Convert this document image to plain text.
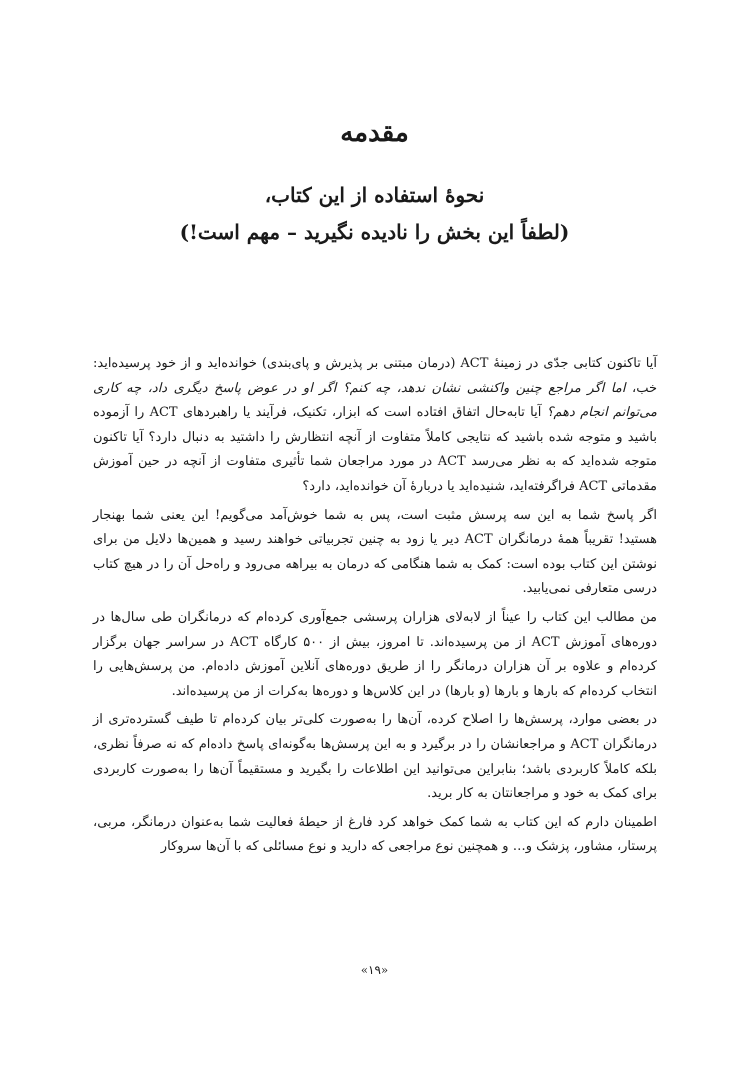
مقدمه
نحوهٔ استفاده از این کتاب،
(لطفاً این بخش را نادیده نگیرید – مهم است!)

آیا تاکنون کتابی جدّی در زمینهٔ ACT (درمان مبتنی بر پذیرش و پای‌بندی) خوانده‌اید و از خود پرسیده‌اید: خب، اما اگر مراجع چنین واکنشی نشان ندهد، چه کنم؟ اگر او در عوض پاسخ دیگری داد، چه کاری می‌توانم انجام دهم؟ آیا تابه‌حال اتفاق افتاده است که ابزار، تکنیک، فرآیند یا راهبردهای ACT را آزموده باشید و متوجه شده باشید که نتایجی کاملاً متفاوت از آنچه انتظارش را داشتید به دنبال دارد؟ آیا تاکنون متوجه شده‌اید که به نظر می‌رسد ACT در مورد مراجعان شما تأثیری متفاوت از آنچه در حین آموزش مقدماتی ACT فراگرفته‌اید، شنیده‌اید یا دربارهٔ آن خوانده‌اید، دارد؟

اگر پاسخ شما به این سه پرسش مثبت است، پس به شما خوش‌آمد می‌گویم! این یعنی شما بهنجار هستید! تقریباً همهٔ درمانگران ACT دیر یا زود به چنین تجربیاتی خواهند رسید و همین‌ها دلایل من برای نوشتن این کتاب بوده است: کمک به شما هنگامی که درمان به بیراهه می‌رود و راه‌حل آن را در هیچ کتاب درسی متعارفی نمی‌یابید.

من مطالب این کتاب را عیناً از لابه‌لای هزاران پرسشی جمع‌آوری کرده‌ام که درمانگران طی سال‌ها در دوره‌های آموزش ACT از من پرسیده‌اند. تا امروز، بیش از ۵۰۰ کارگاه ACT در سراسر جهان برگزار کرده‌ام و علاوه بر آن هزاران درمانگر را از طریق دوره‌های آنلاین آموزش داده‌ام. من پرسش‌هایی را انتخاب کرده‌ام که بارها و بارها (و بارها) در این کلاس‌ها و دوره‌ها به‌کرات از من پرسیده‌اند.

در بعضی موارد، پرسش‌ها را اصلاح کرده، آن‌ها را به‌صورت کلی‌تر بیان کرده‌ام تا طیف گسترده‌تری از درمانگران ACT و مراجعانشان را در برگیرد و به این پرسش‌ها به‌گونه‌ای پاسخ داده‌ام که نه صرفاً نظری، بلکه کاملاً کاربردی باشد؛ بنابراین می‌توانید این اطلاعات را بگیرید و مستقیماً آن‌ها را به‌صورت کاربردی برای کمک به خود و مراجعانتان به کار برید.

اطمینان دارم که این کتاب به شما کمک خواهد کرد فارغ از حیطهٔ فعالیت شما به‌عنوان درمانگر، مربی، پرستار، مشاور، پزشک و… و همچنین نوع مراجعی که دارید و نوع مسائلی که با آن‌ها سروکار

«۱۹»
